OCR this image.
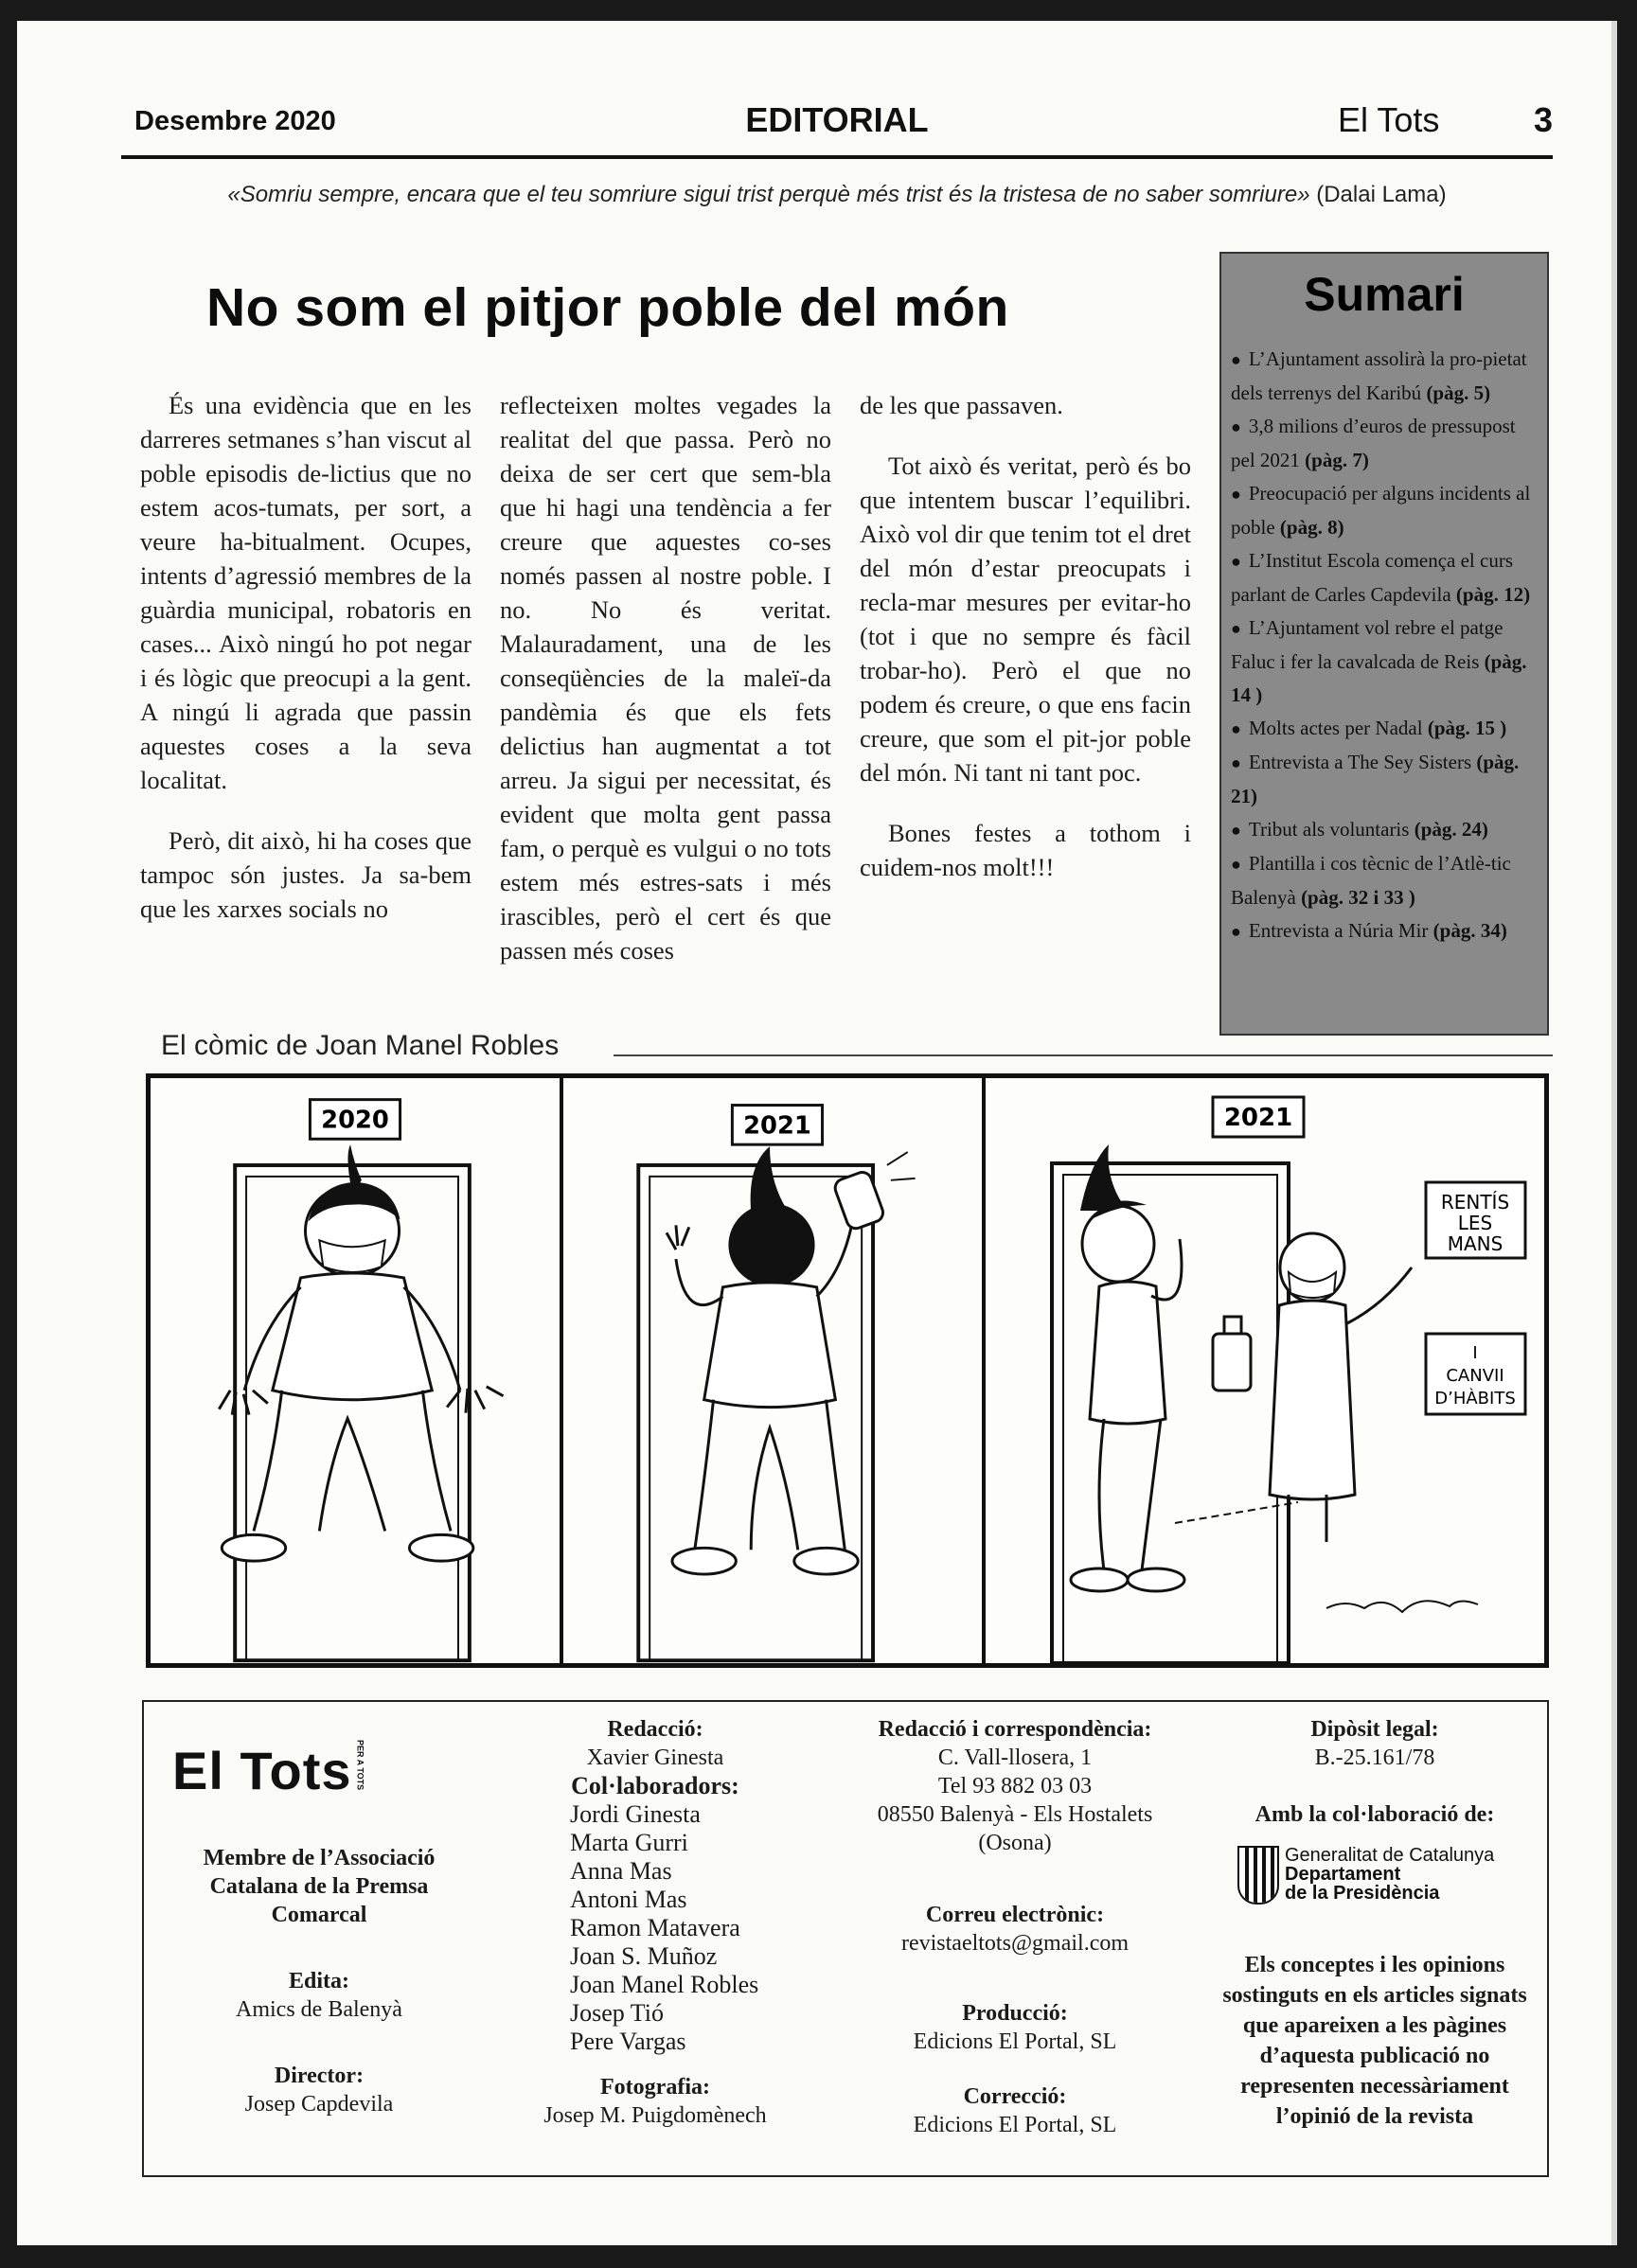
Desembre 2020	EDITORIAL	El Tots	3
«Somriu sempre, encara que el teu somriure sigui trist perquè més trist és la tristesa de no saber somriure» (Dalai Lama)
No som el pitjor poble del món

És una evidència que en les darreres setmanes s’han viscut al poble episodis de-lictius que no estem acos-tumats, per sort, a veure ha-bitualment. Ocupes, intents d’agressió membres de la guàrdia municipal, robatoris en cases... Això ningú ho pot negar i és lògic que preocupi a la gent. A ningú li agrada que passin aquestes coses a la seva localitat.

Però, dit això, hi ha coses que tampoc són justes. Ja sa-bem que les xarxes socials no

reflecteixen moltes vegades la realitat del que passa. Però no deixa de ser cert que sem-bla que hi hagi una tendència a fer creure que aquestes co-ses només passen al nostre poble. I no. No és veritat. Malauradament, una de les conseqüències de la maleï-da pandèmia és que els fets delictius han augmentat a tot arreu. Ja sigui per necessitat, és evident que molta gent passa fam, o perquè es vulgui o no tots estem més estres-sats i més irascibles, però el cert és que passen més coses

de les que passaven.

Tot això és veritat, però és bo que intentem buscar l’equilibri. Això vol dir que tenim tot el dret del món d’estar preocupats i recla-mar mesures per evitar-ho (tot i que no sempre és fàcil trobar-ho). Però el que no podem és creure, o que ens facin creure, que som el pit-jor poble del món. Ni tant ni tant poc.

Bones festes a tothom i cuidem-nos molt!!!

Sumari
● L’Ajuntament assolirà la pro-pietat dels terrenys del Karibú (pàg. 5)
● 3,8 milions d’euros de pressupost pel 2021 (pàg. 7)
● Preocupació per alguns incidents al poble (pàg. 8)
● L’Institut Escola comença el curs parlant de Carles Capdevila (pàg. 12)
● L’Ajuntament vol rebre el patge Faluc i fer la cavalcada de Reis (pàg. 14 )
● Molts actes per Nadal (pàg. 15 )
● Entrevista a The Sey Sisters (pàg. 21)
● Tribut als voluntaris (pàg. 24)
● Plantilla i cos tècnic de l’Atlè-tic Balenyà (pàg. 32 i 33 )
● Entrevista a Núria Mir (pàg. 34)
El còmic de Joan Manel Robles
2020	2021	2021
RENTÍS
LES
MANS
I
CANVII
D’HÀBITS
El Tots PER A TOTS
Membre de l’Associació Catalana de la Premsa Comarcal
Edita:
Amics de Balenyà
Director:
Josep Capdevila
Redacció:
Xavier Ginesta
Col·laboradors:
Jordi Ginesta
Marta Gurri
Anna Mas
Antoni Mas
Ramon Matavera
Joan S. Muñoz
Joan Manel Robles
Josep Tió
Pere Vargas
Fotografia:
Josep M. Puigdomènech
Redacció i correspondència:
C. Vall-llosera, 1
Tel 93 882 03 03
08550 Balenyà - Els Hostalets
(Osona)
Correu electrònic:
revistaeltots@gmail.com
Producció:
Edicions El Portal, SL
Correcció:
Edicions El Portal, SL
Dipòsit legal:
B.-25.161/78
Amb la col·laboració de:
Generalitat de Catalunya
Departament
de la Presidència
Els conceptes i les opinions sostinguts en els articles signats que apareixen a les pàgines d’aquesta publicació no representen necessàriament l’opinió de la revista
